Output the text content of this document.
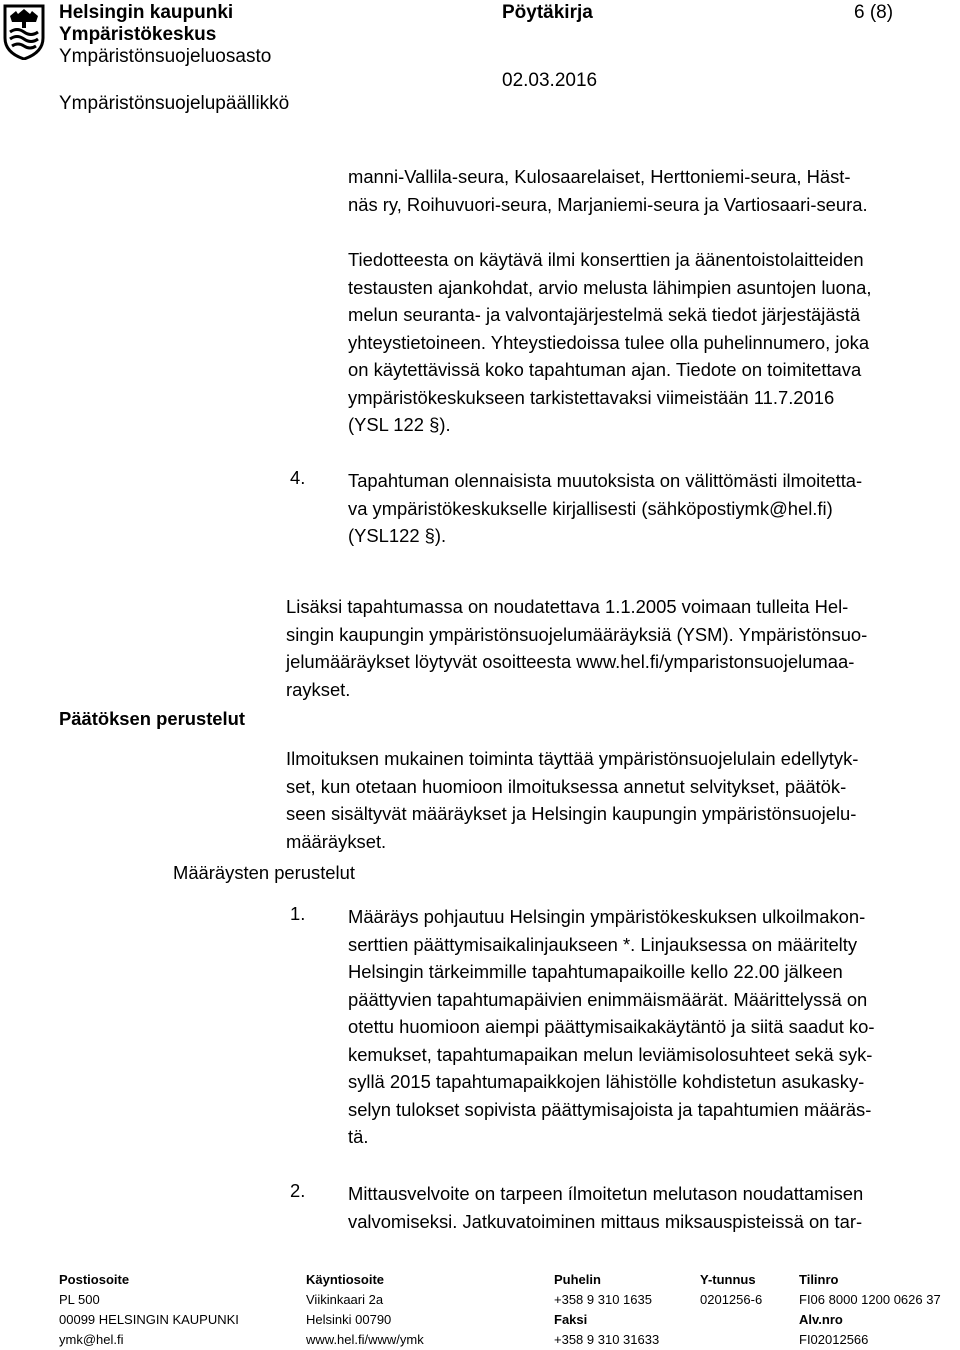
Helsingin kaupunki
Ympäristökeskus
Ympäristönsuojeluosasto
Ympäristönsuojelupäällikkö
Pöytäkirja	6 (8)
02.03.2016
manni-Vallila-seura, Kulosaarelaiset, Herttoniemi-seura, Häst-
näs ry, Roihuvuori-seura, Marjaniemi-seura ja Vartiosaari-seura.
Tiedotteesta on käytävä ilmi konserttien ja äänentoistolaitteiden
testausten ajankohdat, arvio melusta lähimpien asuntojen luona,
melun seuranta- ja valvontajärjestelmä sekä tiedot järjestäjästä
yhteystietoineen. Yhteystiedoissa tulee olla puhelinnumero, joka
on käytettävissä koko tapahtuman ajan. Tiedote on toimitettava
ympäristökeskukseen tarkistettavaksi viimeistään 11.7.2016
(YSL 122 §).
4. Tapahtuman olennaisista muutoksista on välittömästi ilmoitetta-
va ympäristökeskukselle kirjallisesti (sähköpostiymk@hel.fi)
(YSL122 §).
Lisäksi tapahtumassa on noudatettava 1.1.2005 voimaan tulleita Hel-
singin kaupungin ympäristönsuojelumääräyksiä (YSM). Ympäristönsuo-
jelumääräykset löytyvät osoitteesta www.hel.fi/ymparistonsuojelumaa-
raykset.
Päätöksen perustelut
Ilmoituksen mukainen toiminta täyttää ympäristönsuojelulain edellytyk-
set, kun otetaan huomioon ilmoituksessa annetut selvitykset, päätök-
seen sisältyvät määräykset ja Helsingin kaupungin ympäristönsuojelu-
määräykset.
Määräysten perustelut
1. Määräys pohjautuu Helsingin ympäristökeskuksen ulkoilmakon-
serttien päättymisaikalinjaukseen *. Linjauksessa on määritelty
Helsingin tärkeimmille tapahtumapaikoille kello 22.00 jälkeen
päättyvien tapahtumapäivien enimmäismäärät. Määrittelyssä on
otettu huomioon aiempi päättymisaikakäytäntö ja siitä saadut ko-
kemukset, tapahtumapaikan melun leviämisolosuhteet sekä syk-
syllä 2015 tapahtumapaikkojen lähistölle kohdistetun asukasky-
selyn tulokset sopivista päättymisajoista ja tapahtumien määräs-
tä.
2. Mittausvelvoite on tarpeen ílmoitetun melutason noudattamisen
valvomiseksi. Jatkuvatoiminen mittaus miksauspisteissä on tar-
Postiosoite
PL 500
00099 HELSINGIN KAUPUNKI
ymk@hel.fi
Käyntiosoite
Viikinkaari 2a
Helsinki 00790
www.hel.fi/www/ymk
Puhelin
+358 9 310 1635
Faksi
+358 9 310 31633
Y-tunnus
0201256-6
Tilinro
FI06 8000 1200 0626 37
Alv.nro
FI02012566
